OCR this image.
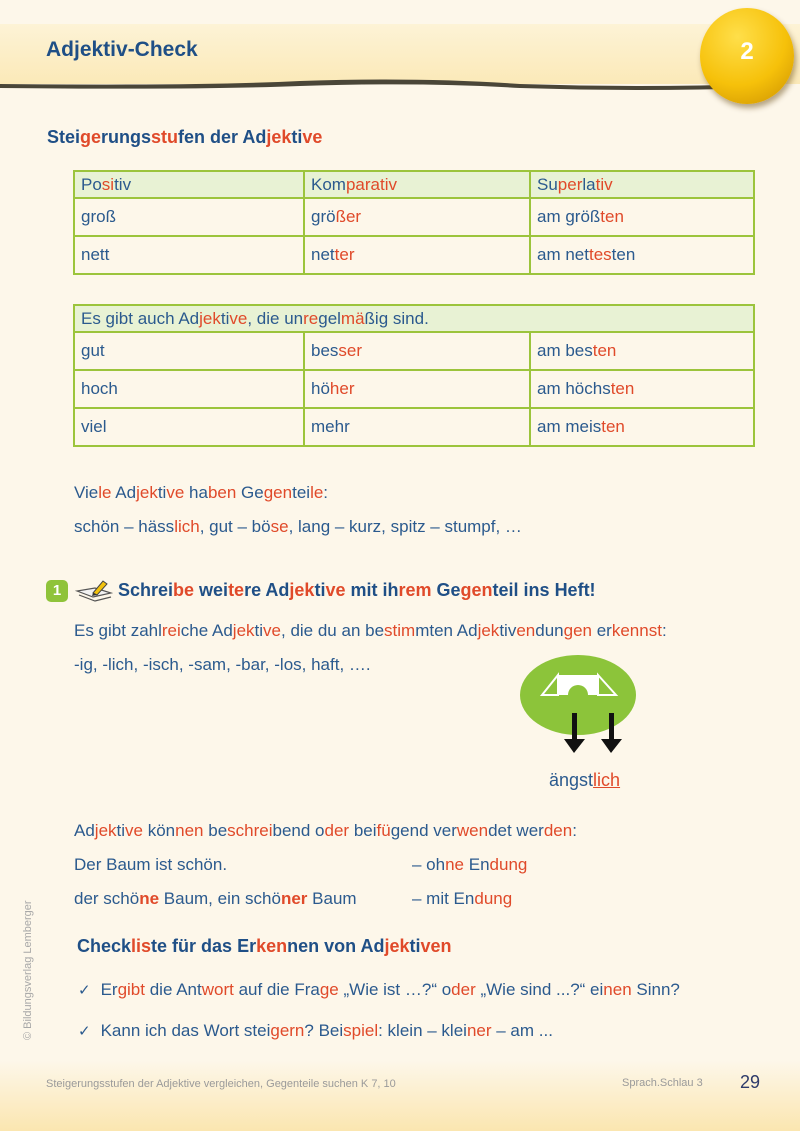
Adjektiv-Check	2
Steigerungsstufen der Adjektive
Positiv	Komparativ	Superlativ
groß	größer	am größten
nett	netter	am nettesten
Es gibt auch Adjektive, die unregelmäßig sind.		
gut	besser	am besten
hoch	höher	am höchsten
viel	mehr	am meisten
Viele Adjektive haben Gegenteile:
schön – hässlich, gut – böse, lang – kurz, spitz – stumpf, …
1	Schreibe weitere Adjektive mit ihrem Gegenteil ins Heft!
Es gibt zahlreiche Adjektive, die du an bestimmten Adjektivendungen erkennst:
-ig, -lich, -isch, -sam, -bar, -los, haft, ….
ängstlich
Adjektive können beschreibend oder beifügend verwendet werden:
Der Baum ist schön.	– ohne Endung
der schöne Baum, ein schöner Baum	– mit Endung
Checkliste für das Erkennen von Adjektiven
✓ Ergibt die Antwort auf die Frage „Wie ist …?“ oder „Wie sind ...?“ einen Sinn?
✓ Kann ich das Wort steigern? Beispiel: klein – kleiner – am ...
© Bildungsverlag Lemberger
Steigerungsstufen der Adjektive vergleichen, Gegenteile suchen K 7, 10	Sprach.Schlau 3 29
